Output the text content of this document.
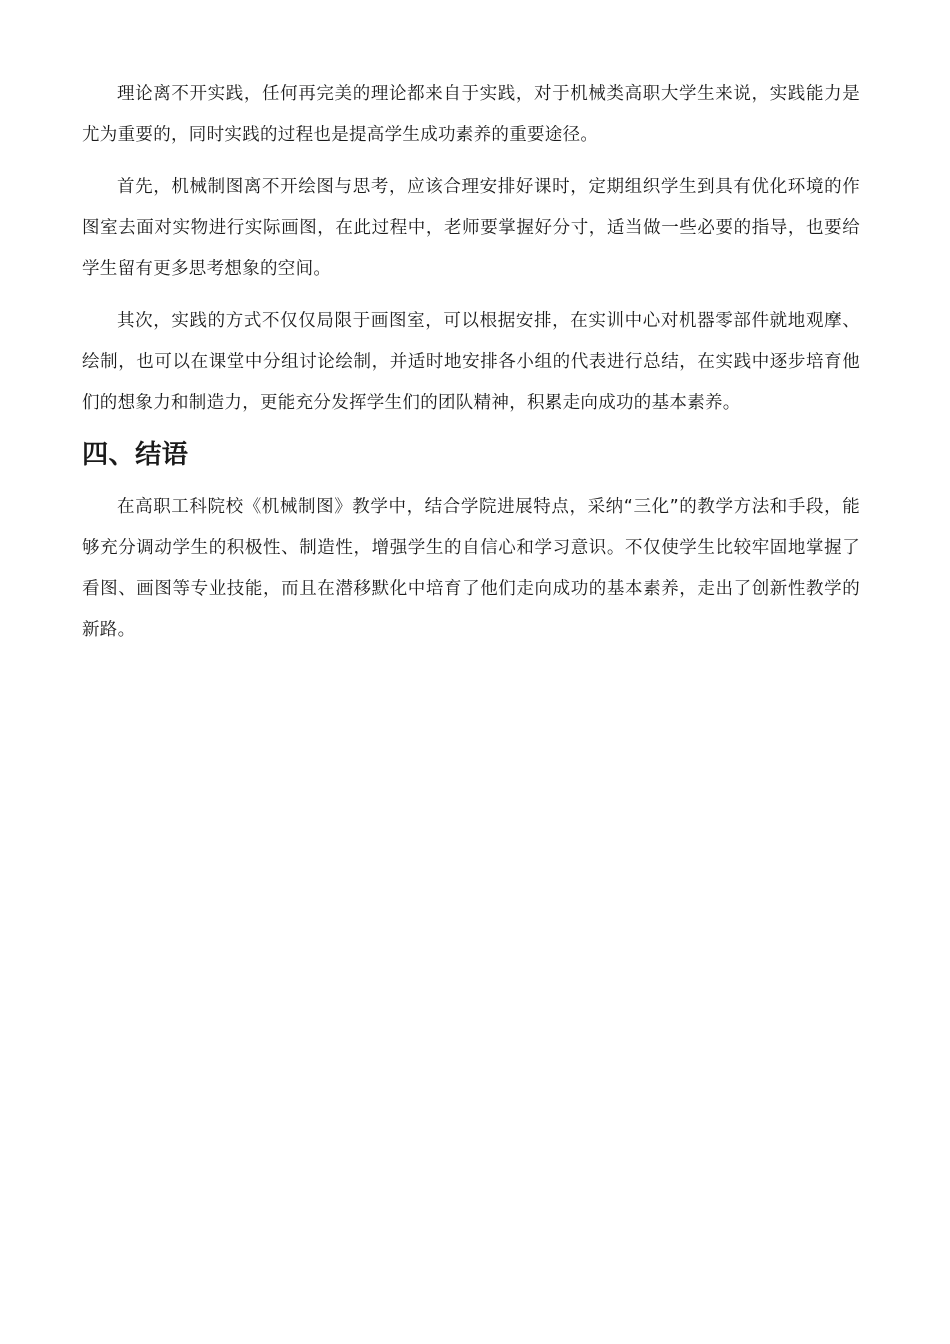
理论离不开实践，任何再完美的理论都来自于实践，对于机械类高职大学生来说，实践能力是尤为重要的，同时实践的过程也是提高学生成功素养的重要途径。

首先，机械制图离不开绘图与思考，应该合理安排好课时，定期组织学生到具有优化环境的作图室去面对实物进行实际画图，在此过程中，老师要掌握好分寸，适当做一些必要的指导，也要给学生留有更多思考想象的空间。

其次，实践的方式不仅仅局限于画图室，可以根据安排，在实训中心对机器零部件就地观摩、绘制，也可以在课堂中分组讨论绘制，并适时地安排各小组的代表进行总结，在实践中逐步培育他们的想象力和制造力，更能充分发挥学生们的团队精神，积累走向成功的基本素养。

四、结语

在高职工科院校《机械制图》教学中，结合学院进展特点，采纳“三化”的教学方法和手段，能够充分调动学生的积极性、制造性，增强学生的自信心和学习意识。不仅使学生比较牢固地掌握了看图、画图等专业技能，而且在潜移默化中培育了他们走向成功的基本素养，走出了创新性教学的新路。
